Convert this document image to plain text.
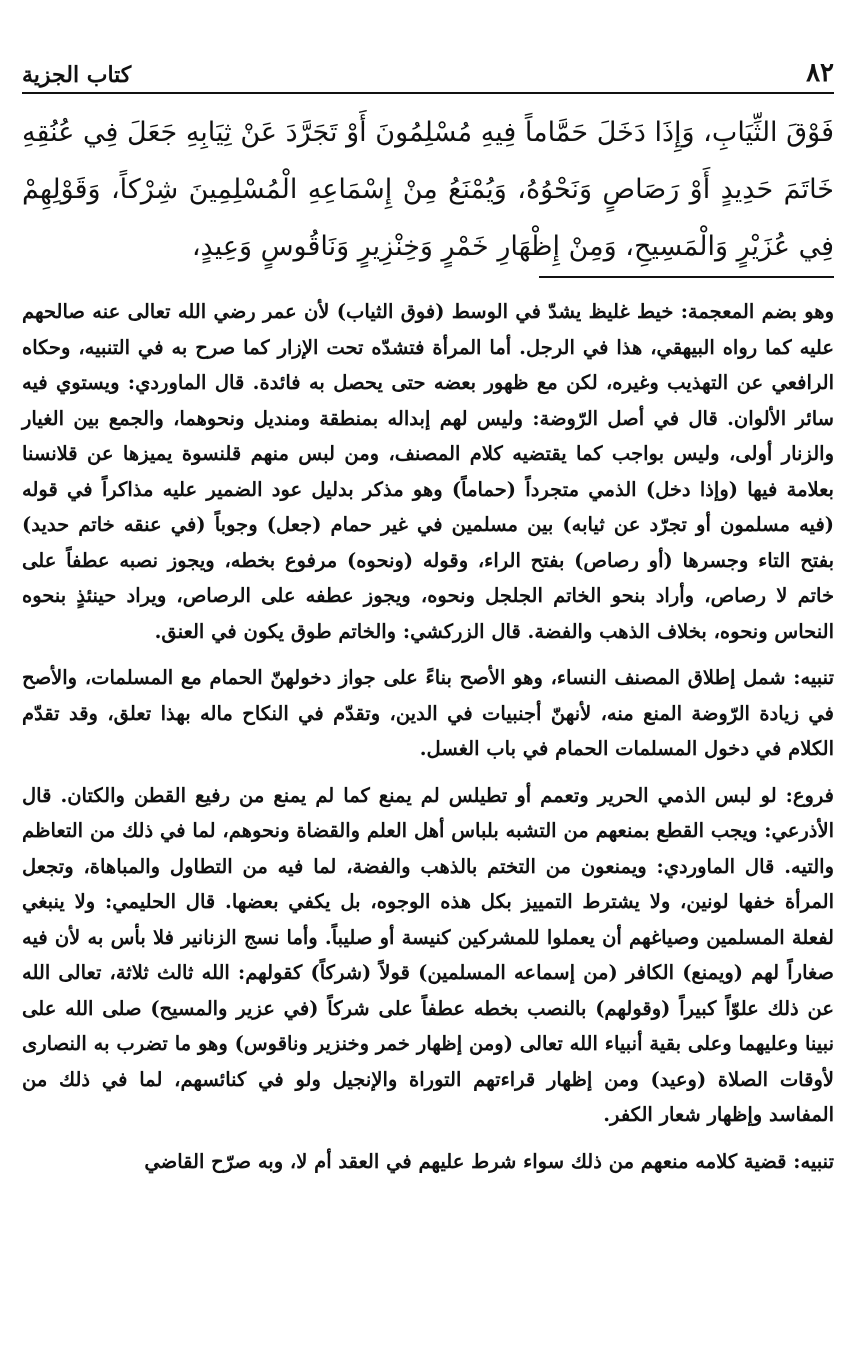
٨٢
كتاب الجزية
فَوْقَ الثِّيَابِ، وَإِذَا دَخَلَ حَمَّاماً فِيهِ مُسْلِمُونَ أَوْ تَجَرَّدَ عَنْ ثِيَابِهِ جَعَلَ فِي عُنُقِهِ خَاتَمَ حَدِيدٍ أَوْ رَصَاصٍ وَنَحْوُهُ، وَيُمْنَعُ مِنْ إِسْمَاعِهِ الْمُسْلِمِينَ شِرْكاً، وَقَوْلِهِمْ فِي عُزَيْرٍ وَالْمَسِيحِ، وَمِنْ إِظْهَارِ خَمْرٍ وَخِنْزِيرٍ وَنَاقُوسٍ وَعِيدٍ،

وهو بضم المعجمة: خيط غليظ يشدّ في الوسط (فوق الثياب) لأن عمر رضي الله تعالى عنه صالحهم عليه كما رواه البيهقي، هذا في الرجل. أما المرأة فتشدّه تحت الإزار كما صرح به في التنبيه، وحكاه الرافعي عن التهذيب وغيره، لكن مع ظهور بعضه حتى يحصل به فائدة. قال الماوردي: ويستوي فيه سائر الألوان. قال في أصل الرّوضة: وليس لهم إبداله بمنطقة ومنديل ونحوهما، والجمع بين الغيار والزنار أولى، وليس بواجب كما يقتضيه كلام المصنف، ومن لبس منهم قلنسوة يميزها عن قلانسنا بعلامة فيها (وإذا دخل) الذمي متجرداً (حماماً) وهو مذكر بدليل عود الضمير عليه مذاكراً في قوله (فيه مسلمون أو تجرّد عن ثيابه) بين مسلمين في غير حمام (جعل) وجوباً (في عنقه خاتم حديد) بفتح التاء وجسرها (أو رصاص) بفتح الراء، وقوله (ونحوه) مرفوع بخطه، ويجوز نصبه عطفاً على خاتم لا رصاص، وأراد بنحو الخاتم الجلجل ونحوه، ويجوز عطفه على الرصاص، ويراد حينئذٍ بنحوه النحاس ونحوه، بخلاف الذهب والفضة. قال الزركشي: والخاتم طوق يكون في العنق.

تنبيه: شمل إطلاق المصنف النساء، وهو الأصح بناءً على جواز دخولهنّ الحمام مع المسلمات، والأصح في زيادة الرّوضة المنع منه، لأنهنّ أجنبيات في الدين، وتقدّم في النكاح ماله بهذا تعلق، وقد تقدّم الكلام في دخول المسلمات الحمام في باب الغسل.

فروع: لو لبس الذمي الحرير وتعمم أو تطيلس لم يمنع كما لم يمنع من رفيع القطن والكتان. قال الأذرعي: ويجب القطع بمنعهم من التشبه بلباس أهل العلم والقضاة ونحوهم، لما في ذلك من التعاظم والتيه. قال الماوردي: ويمنعون من التختم بالذهب والفضة، لما فيه من التطاول والمباهاة، وتجعل المرأة خفها لونين، ولا يشترط التمييز بكل هذه الوجوه، بل يكفي بعضها. قال الحليمي: ولا ينبغي لفعلة المسلمين وصياغهم أن يعملوا للمشركين كنيسة أو صليباً. وأما نسج الزنانير فلا بأس به لأن فيه صغاراً لهم (ويمنع) الكافر (من إسماعه المسلمين) قولاً (شركاً) كقولهم: الله ثالث ثلاثة، تعالى الله عن ذلك علوّاً كبيراً (وقولهم) بالنصب بخطه عطفاً على شركاً (في عزير والمسيح) صلى الله على نبينا وعليهما وعلى بقية أنبياء الله تعالى (ومن إظهار خمر وخنزير وناقوس) وهو ما تضرب به النصارى لأوقات الصلاة (وعيد) ومن إظهار قراءتهم التوراة والإنجيل ولو في كنائسهم، لما في ذلك من المفاسد وإظهار شعار الكفر.

تنبيه: قضية كلامه منعهم من ذلك سواء شرط عليهم في العقد أم لا، وبه صرّح القاضي
